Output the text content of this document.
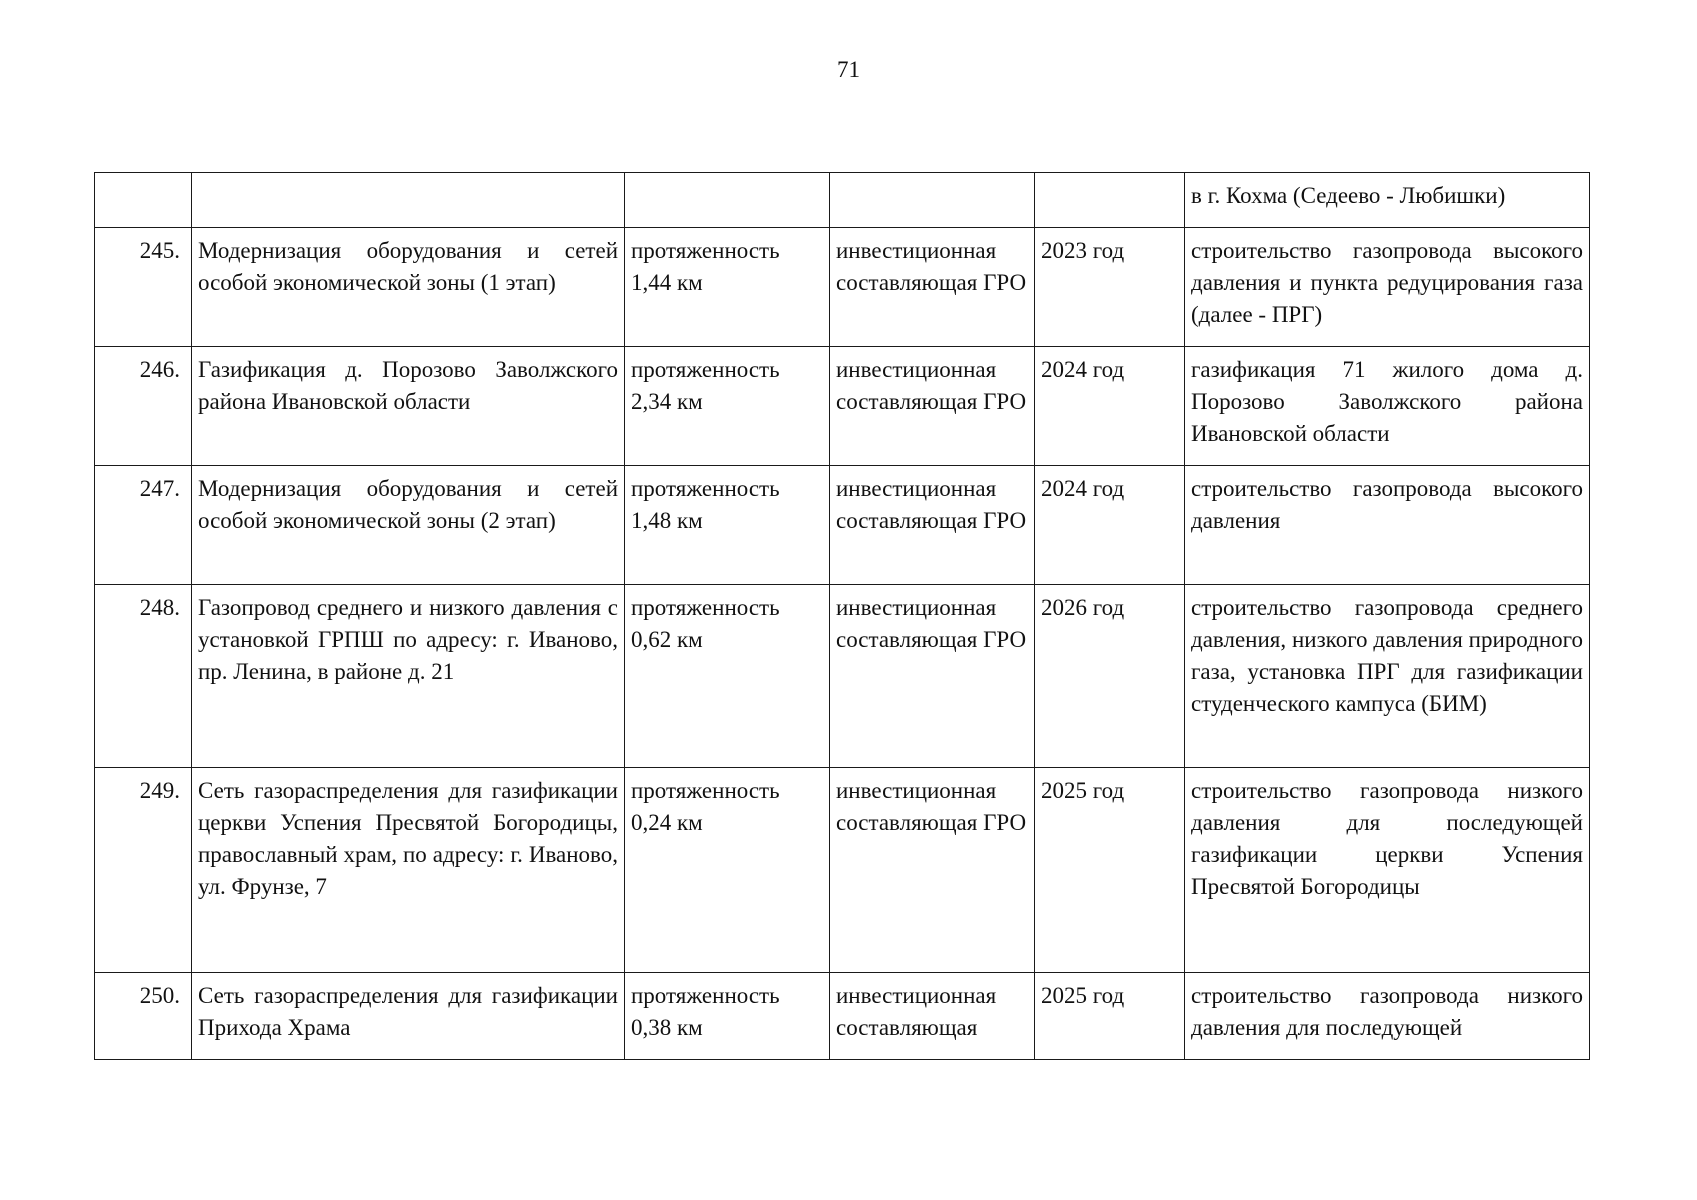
71
					в г. Кохма (Седеево - Любишки)
245.	Модернизация оборудования и сетей особой экономической зоны (1 этап)	протяженность 1,44 км	инвестиционная составляющая ГРО	2023 год	строительство газопровода высокого давления и пункта редуцирования газа (далее - ПРГ)
246.	Газификация д. Порозово Заволжского района Ивановской области	протяженность 2,34 км	инвестиционная составляющая ГРО	2024 год	газификация 71 жилого дома д. Порозово Заволжского района Ивановской области
247.	Модернизация оборудования и сетей особой экономической зоны (2 этап)	протяженность 1,48 км	инвестиционная составляющая ГРО	2024 год	строительство газопровода высокого давления
248.	Газопровод среднего и низкого давления с установкой ГРПШ по адресу: г. Иваново, пр. Ленина, в районе д. 21	протяженность 0,62 км	инвестиционная составляющая ГРО	2026 год	строительство газопровода среднего давления, низкого давления природного газа, установка ПРГ для газификации студенческого кампуса (БИМ)
249.	Сеть газораспределения для газификации церкви Успения Пресвятой Богородицы, православный храм, по адресу: г. Иваново, ул. Фрунзе, 7	протяженность 0,24 км	инвестиционная составляющая ГРО	2025 год	строительство газопровода низкого давления для последующей газификации церкви Успения Пресвятой Богородицы
250.	Сеть газораспределения для газификации Прихода Храма	протяженность 0,38 км	инвестиционная составляющая	2025 год	строительство газопровода низкого давления для последующей
